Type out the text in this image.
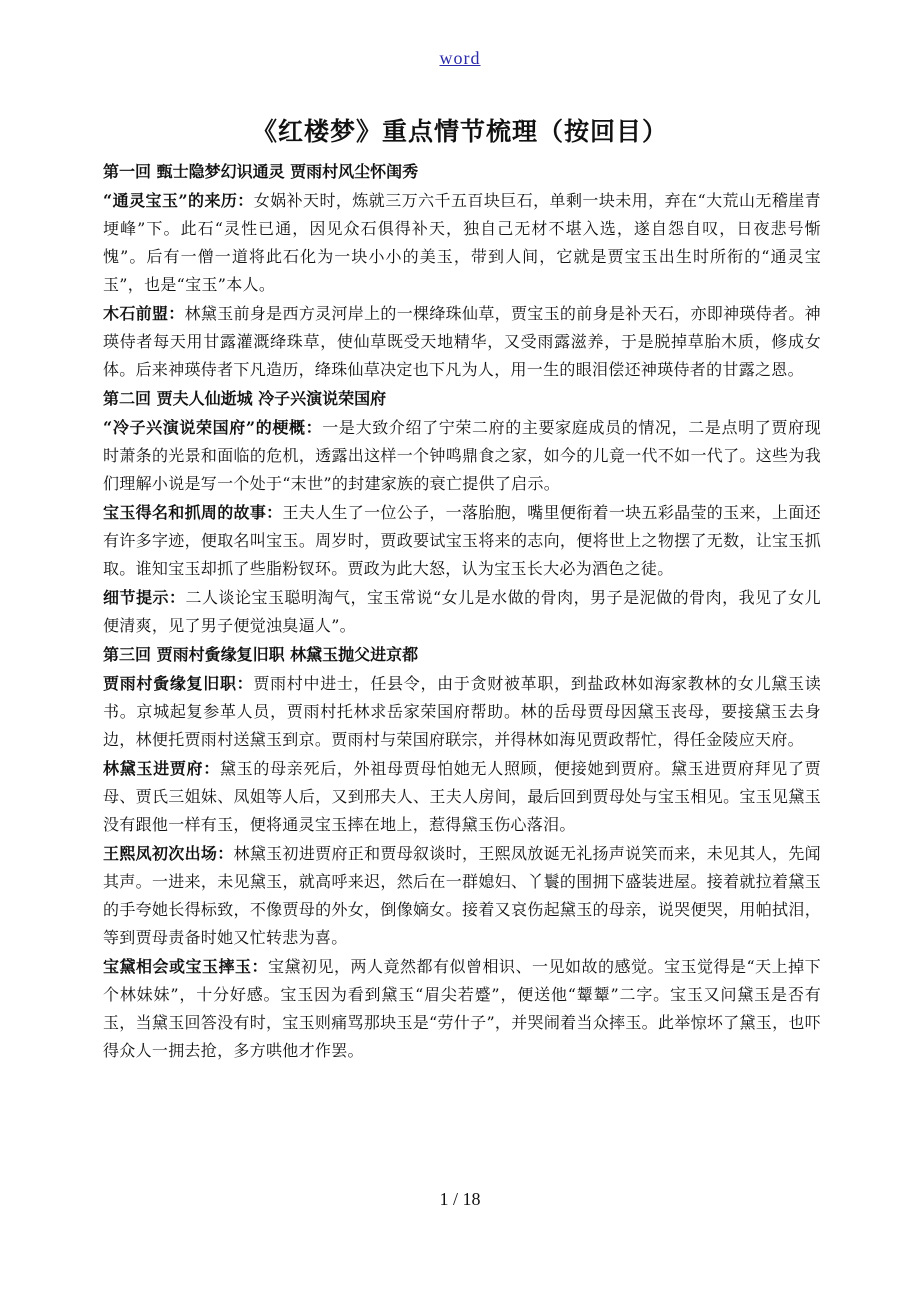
word
《红楼梦》重点情节梳理（按回目）
第一回 甄士隐梦幻识通灵 贾雨村风尘怀闺秀

“通灵宝玉”的来历：女娲补天时，炼就三万六千五百块巨石，单剩一块未用，弃在“大荒山无稽崖青埂峰”下。此石“灵性已通，因见众石俱得补天，独自己无材不堪入选，遂自怨自叹，日夜悲号惭愧”。后有一僧一道将此石化为一块小小的美玉，带到人间，它就是贾宝玉出生时所衔的“通灵宝玉”，也是“宝玉”本人。

木石前盟：林黛玉前身是西方灵河岸上的一棵绛珠仙草，贾宝玉的前身是补天石，亦即神瑛侍者。神瑛侍者每天用甘露灌溉绛珠草，使仙草既受天地精华，又受雨露滋养，于是脱掉草胎木质，修成女体。后来神瑛侍者下凡造历，绛珠仙草决定也下凡为人，用一生的眼泪偿还神瑛侍者的甘露之恩。

第二回 贾夫人仙逝城 冷子兴演说荣国府

“冷子兴演说荣国府”的梗概：一是大致介绍了宁荣二府的主要家庭成员的情况，二是点明了贾府现时萧条的光景和面临的危机，透露出这样一个钟鸣鼎食之家，如今的儿竟一代不如一代了。这些为我们理解小说是写一个处于“末世”的封建家族的衰亡提供了启示。

宝玉得名和抓周的故事：王夫人生了一位公子，一落胎胞，嘴里便衔着一块五彩晶莹的玉来，上面还有许多字迹，便取名叫宝玉。周岁时，贾政要试宝玉将来的志向，便将世上之物摆了无数，让宝玉抓取。谁知宝玉却抓了些脂粉钗环。贾政为此大怒，认为宝玉长大必为酒色之徒。

细节提示：二人谈论宝玉聪明淘气，宝玉常说“女儿是水做的骨肉，男子是泥做的骨肉，我见了女儿便清爽，见了男子便觉浊臭逼人”。

第三回 贾雨村夤缘复旧职 林黛玉抛父进京都

贾雨村夤缘复旧职：贾雨村中进士，任县令，由于贪财被革职，到盐政林如海家教林的女儿黛玉读书。京城起复参革人员，贾雨村托林求岳家荣国府帮助。林的岳母贾母因黛玉丧母，要接黛玉去身边，林便托贾雨村送黛玉到京。贾雨村与荣国府联宗，并得林如海见贾政帮忙，得任金陵应天府。

林黛玉进贾府：黛玉的母亲死后，外祖母贾母怕她无人照顾，便接她到贾府。黛玉进贾府拜见了贾母、贾氏三姐妹、凤姐等人后，又到邢夫人、王夫人房间，最后回到贾母处与宝玉相见。宝玉见黛玉没有跟他一样有玉，便将通灵宝玉摔在地上，惹得黛玉伤心落泪。

王熙凤初次出场：林黛玉初进贾府正和贾母叙谈时，王熙凤放诞无礼扬声说笑而来，未见其人，先闻其声。一进来，未见黛玉，就高呼来迟，然后在一群媳妇、丫鬟的围拥下盛装进屋。接着就拉着黛玉的手夸她长得标致，不像贾母的外女，倒像嫡女。接着又哀伤起黛玉的母亲，说哭便哭，用帕拭泪，等到贾母责备时她又忙转悲为喜。

宝黛相会或宝玉摔玉：宝黛初见，两人竟然都有似曾相识、一见如故的感觉。宝玉觉得是“天上掉下个林妹妹”，十分好感。宝玉因为看到黛玉“眉尖若蹙”，便送他“颦颦”二字。宝玉又问黛玉是否有玉，当黛玉回答没有时，宝玉则痛骂那块玉是“劳什子”，并哭闹着当众摔玉。此举惊坏了黛玉，也吓得众人一拥去抢，多方哄他才作罢。

1 / 18
